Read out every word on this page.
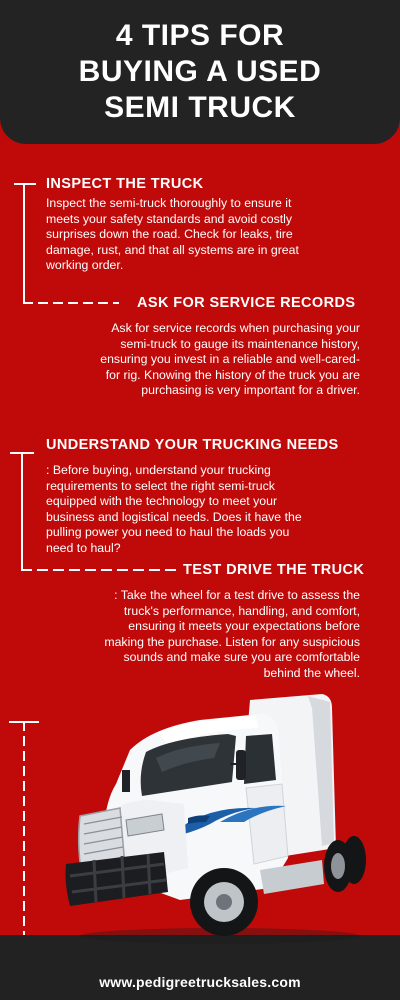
4 TIPS FOR
BUYING A USED
SEMI TRUCK
INSPECT THE TRUCK
Inspect the semi-truck thoroughly to ensure it
meets your safety standards and avoid costly
surprises down the road. Check for leaks, tire
damage, rust, and that all systems are in great
working order.
ASK FOR SERVICE RECORDS
Ask for service records when purchasing your
semi-truck to gauge its maintenance history,
ensuring you invest in a reliable and well-cared-
for rig. Knowing the history of the truck you are
purchasing is very important for a driver.
UNDERSTAND YOUR TRUCKING NEEDS
: Before buying, understand your trucking
requirements to select the right semi-truck
equipped with the technology to meet your
business and logistical needs. Does it have the
pulling power you need to haul the loads you
need to haul?
TEST DRIVE THE TRUCK
: Take the wheel for a test drive to assess the
truck's performance, handling, and comfort,
ensuring it meets your expectations before
making the purchase. Listen for any suspicious
sounds and make sure you are comfortable
behind the wheel.
www.pedigreetrucksales.com
